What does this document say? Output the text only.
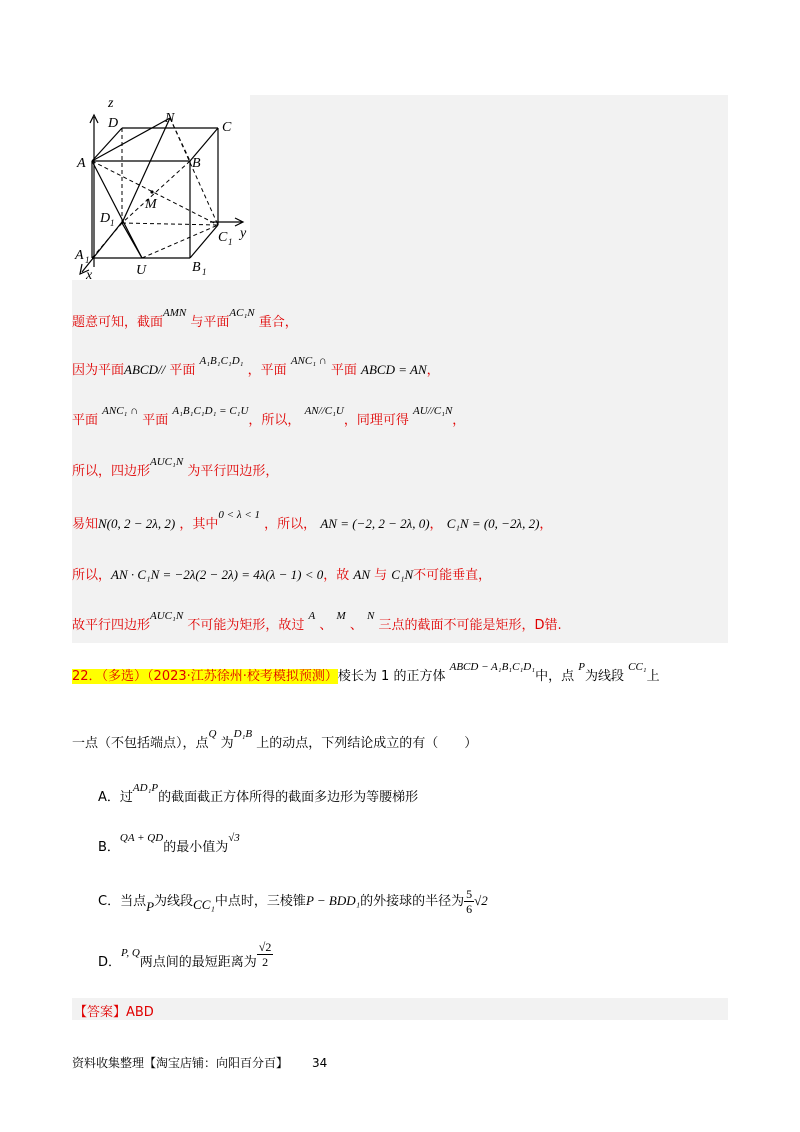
z
D	N
C
A	B
M
D 1
C 1
y
A 1
x	U	B 1
题意可知，截面$^{AMN}$ 与平面$^{AC_1N}$ 重合，
因为平面ABCD// 平面 $^{A_1B_1C_1D_1}$ ，平面 $^{ANC_1 \cap}$ 平面 ABCD = AN，
平面 $^{ANC_1 \cap}$ 平面 $^{A_1B_1C_1D_1 = C_1U}$，所以， $^{AN//C_1U}$，同理可得 $^{AU//C_1N}$，
所以，四边形$^{AUC_1N}$ 为平行四边形，
易知N(0, 2 − 2λ, 2) ，其中$^{0 < \lambda < 1}$ ，所以， AN = (−2, 2 − 2λ, 0)， C₁N = (0, −2λ, 2)，
所以，AN · C₁N = −2λ(2 − 2λ) = 4λ(λ − 1) < 0，故 AN 与 C₁N不可能垂直，
故平行四边形$^{AUC_1N}$ 不可能为矩形，故过 $^A$ 、 $^M$ 、 $^N$ 三点的截面不可能是矩形，D错.
22．（多选）（2023·江苏徐州·校考模拟预测）棱长为 1 的正方体 $^{ABCD - A_1B_1C_1D_1}$中，点 $^P$为线段 $^{CC_1}$上
一点（不包括端点），点$^Q$ 为$^{D_1B}$ 上的动点，下列结论成立的有（　　）
A．过$^{AD_1P}$的截面截正方体所得的截面多边形为等腰梯形
B．$^{QA + QD}$的最小值为$^{√3}$
C．当点P为线段CC₁中点时，三棱锥P − BDD₁的外接球的半径为 $\frac{5}{6} √2$
D．$^{P, Q}$两点间的最短距离为 $\frac{√2}{2}$
【答案】ABD
资料收集整理【淘宝店铺：向阳百分百】 34
